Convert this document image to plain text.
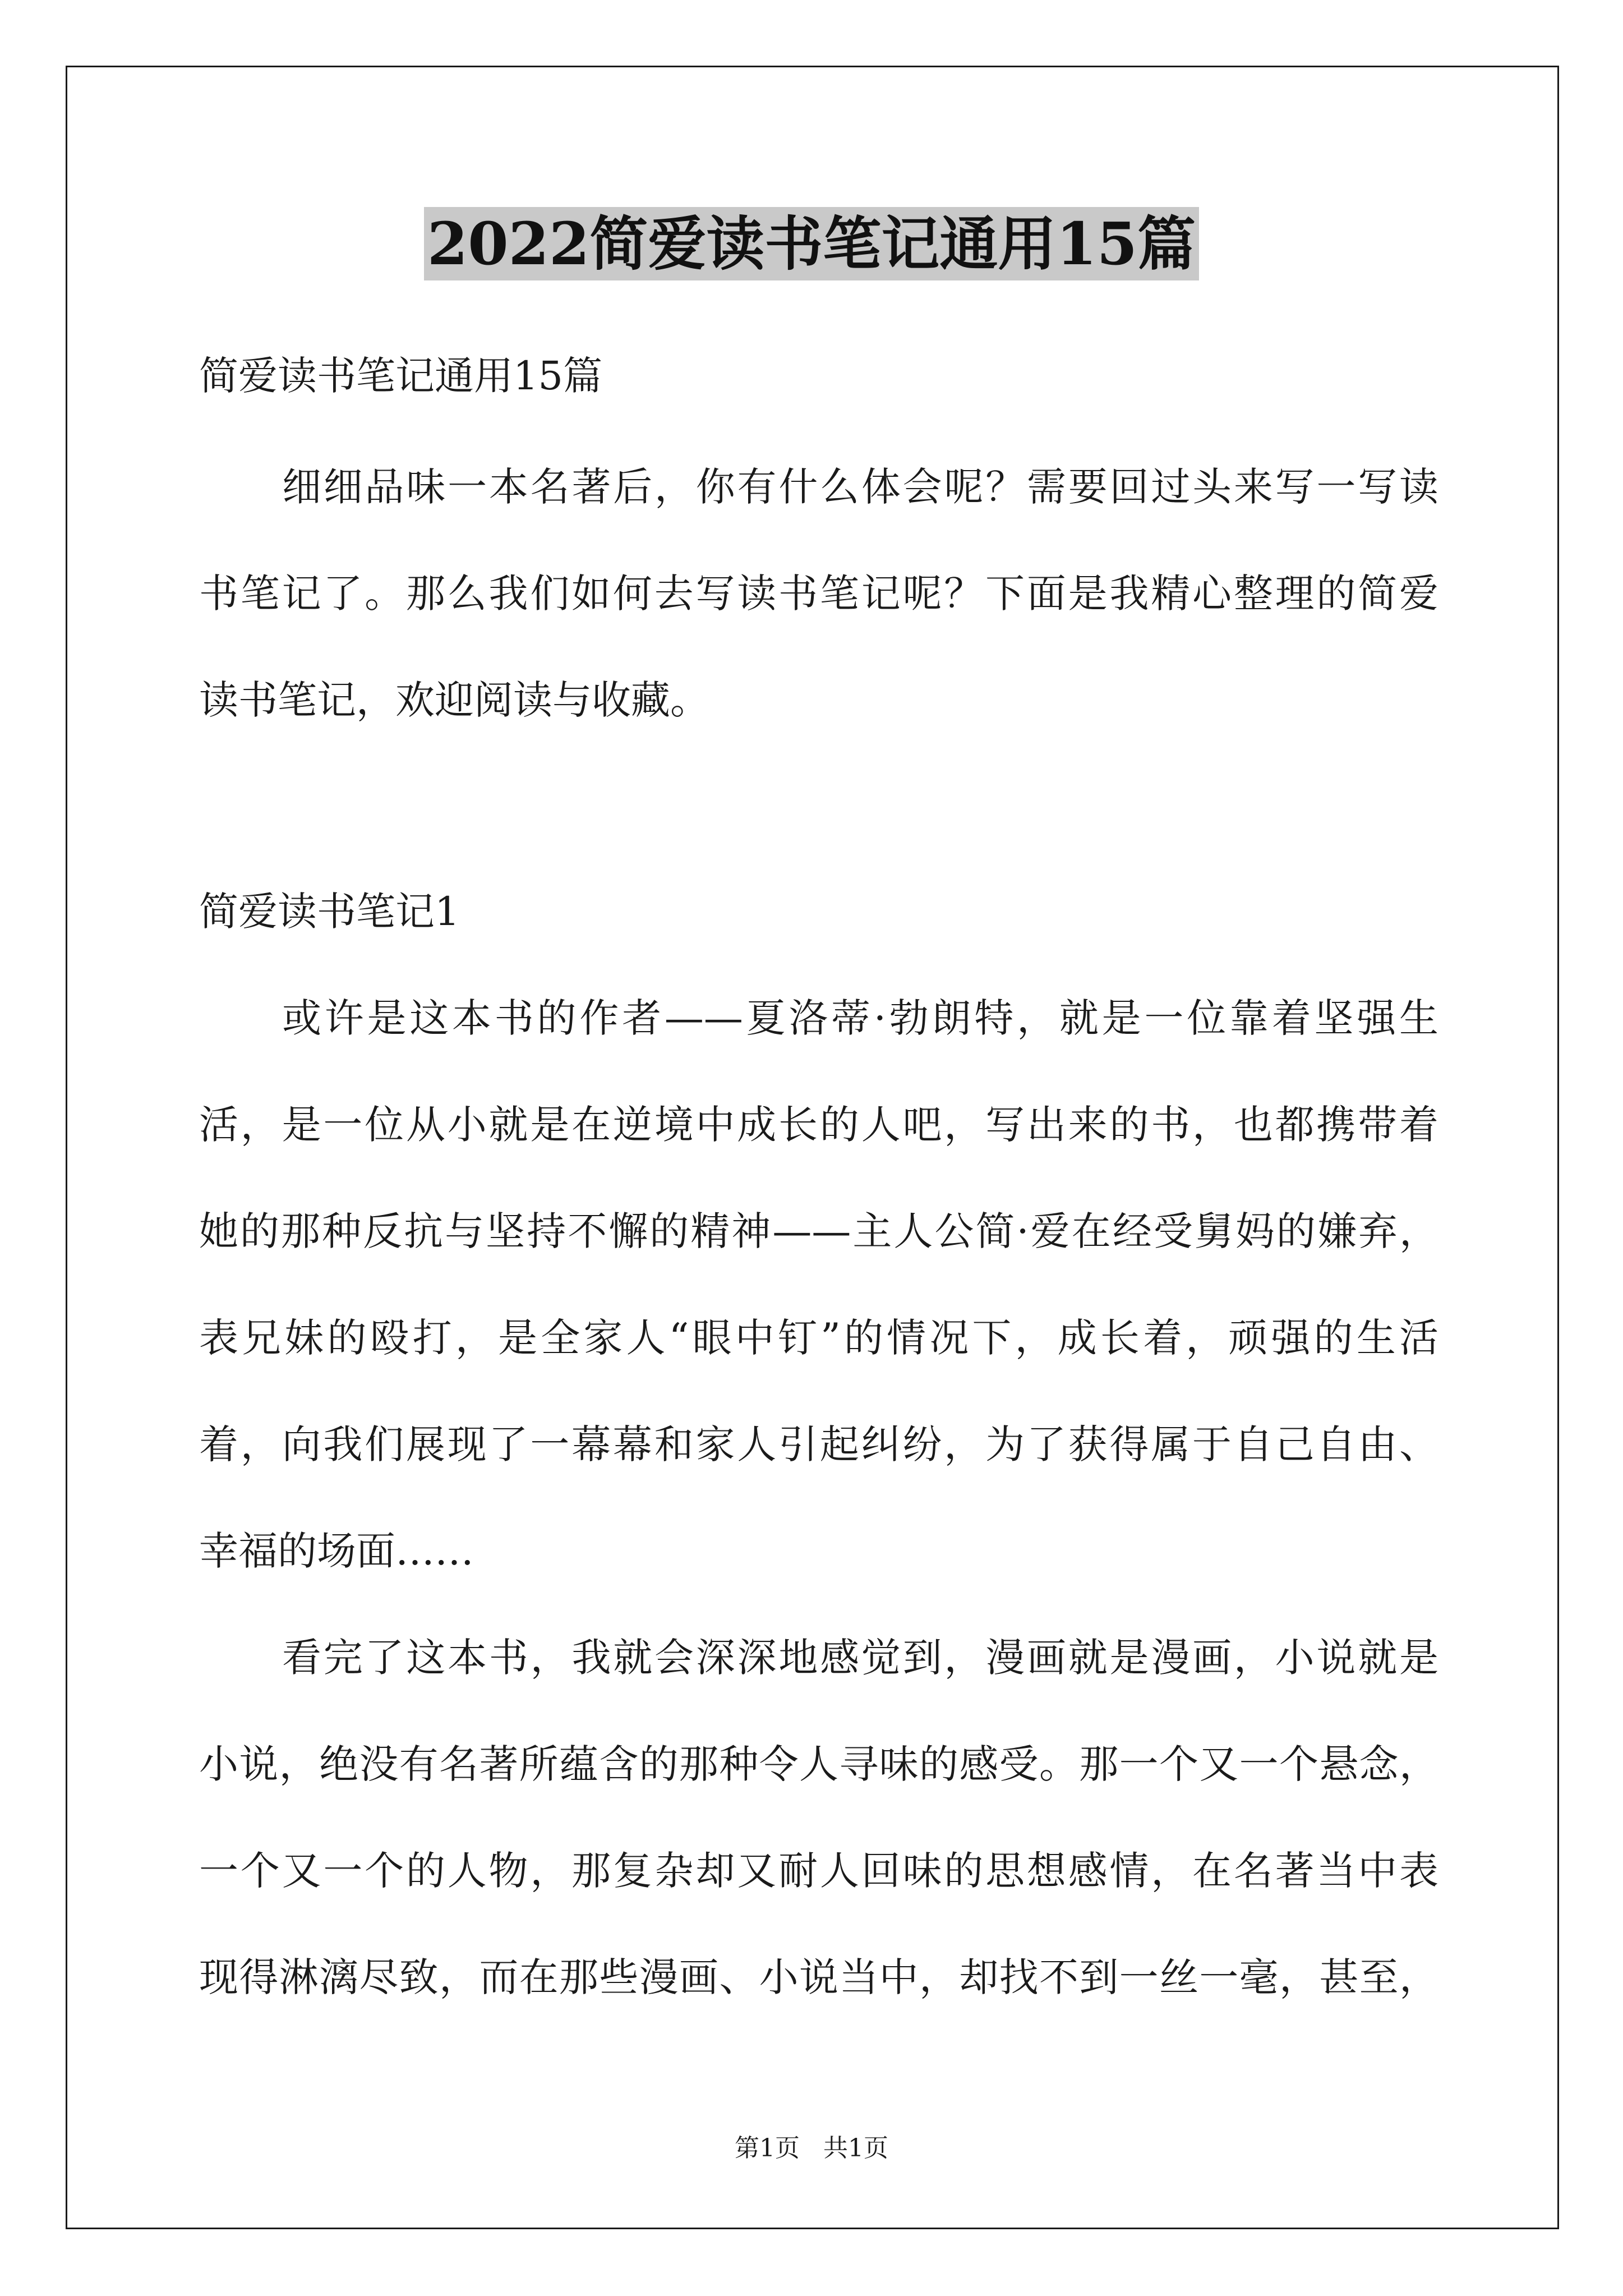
2022简爱读书笔记通用15篇

简爱读书笔记通用15篇

细细品味一本名著后，你有什么体会呢？需要回过头来写一写读

书笔记了。那么我们如何去写读书笔记呢？下面是我精心整理的简爱

读书笔记，欢迎阅读与收藏。

简爱读书笔记1

或许是这本书的作者——夏洛蒂·勃朗特，就是一位靠着坚强生

活，是一位从小就是在逆境中成长的人吧，写出来的书，也都携带着

她的那种反抗与坚持不懈的精神——主人公简·爱在经受舅妈的嫌弃，

表兄妹的殴打，是全家人“眼中钉”的情况下，成长着，顽强的生活

着，向我们展现了一幕幕和家人引起纠纷，为了获得属于自己自由、

幸福的场面……

看完了这本书，我就会深深地感觉到，漫画就是漫画，小说就是

小说，绝没有名著所蕴含的那种令人寻味的感受。那一个又一个悬念，

一个又一个的人物，那复杂却又耐人回味的思想感情，在名著当中表

现得淋漓尽致，而在那些漫画、小说当中，却找不到一丝一毫，甚至，

第1页   共1页
